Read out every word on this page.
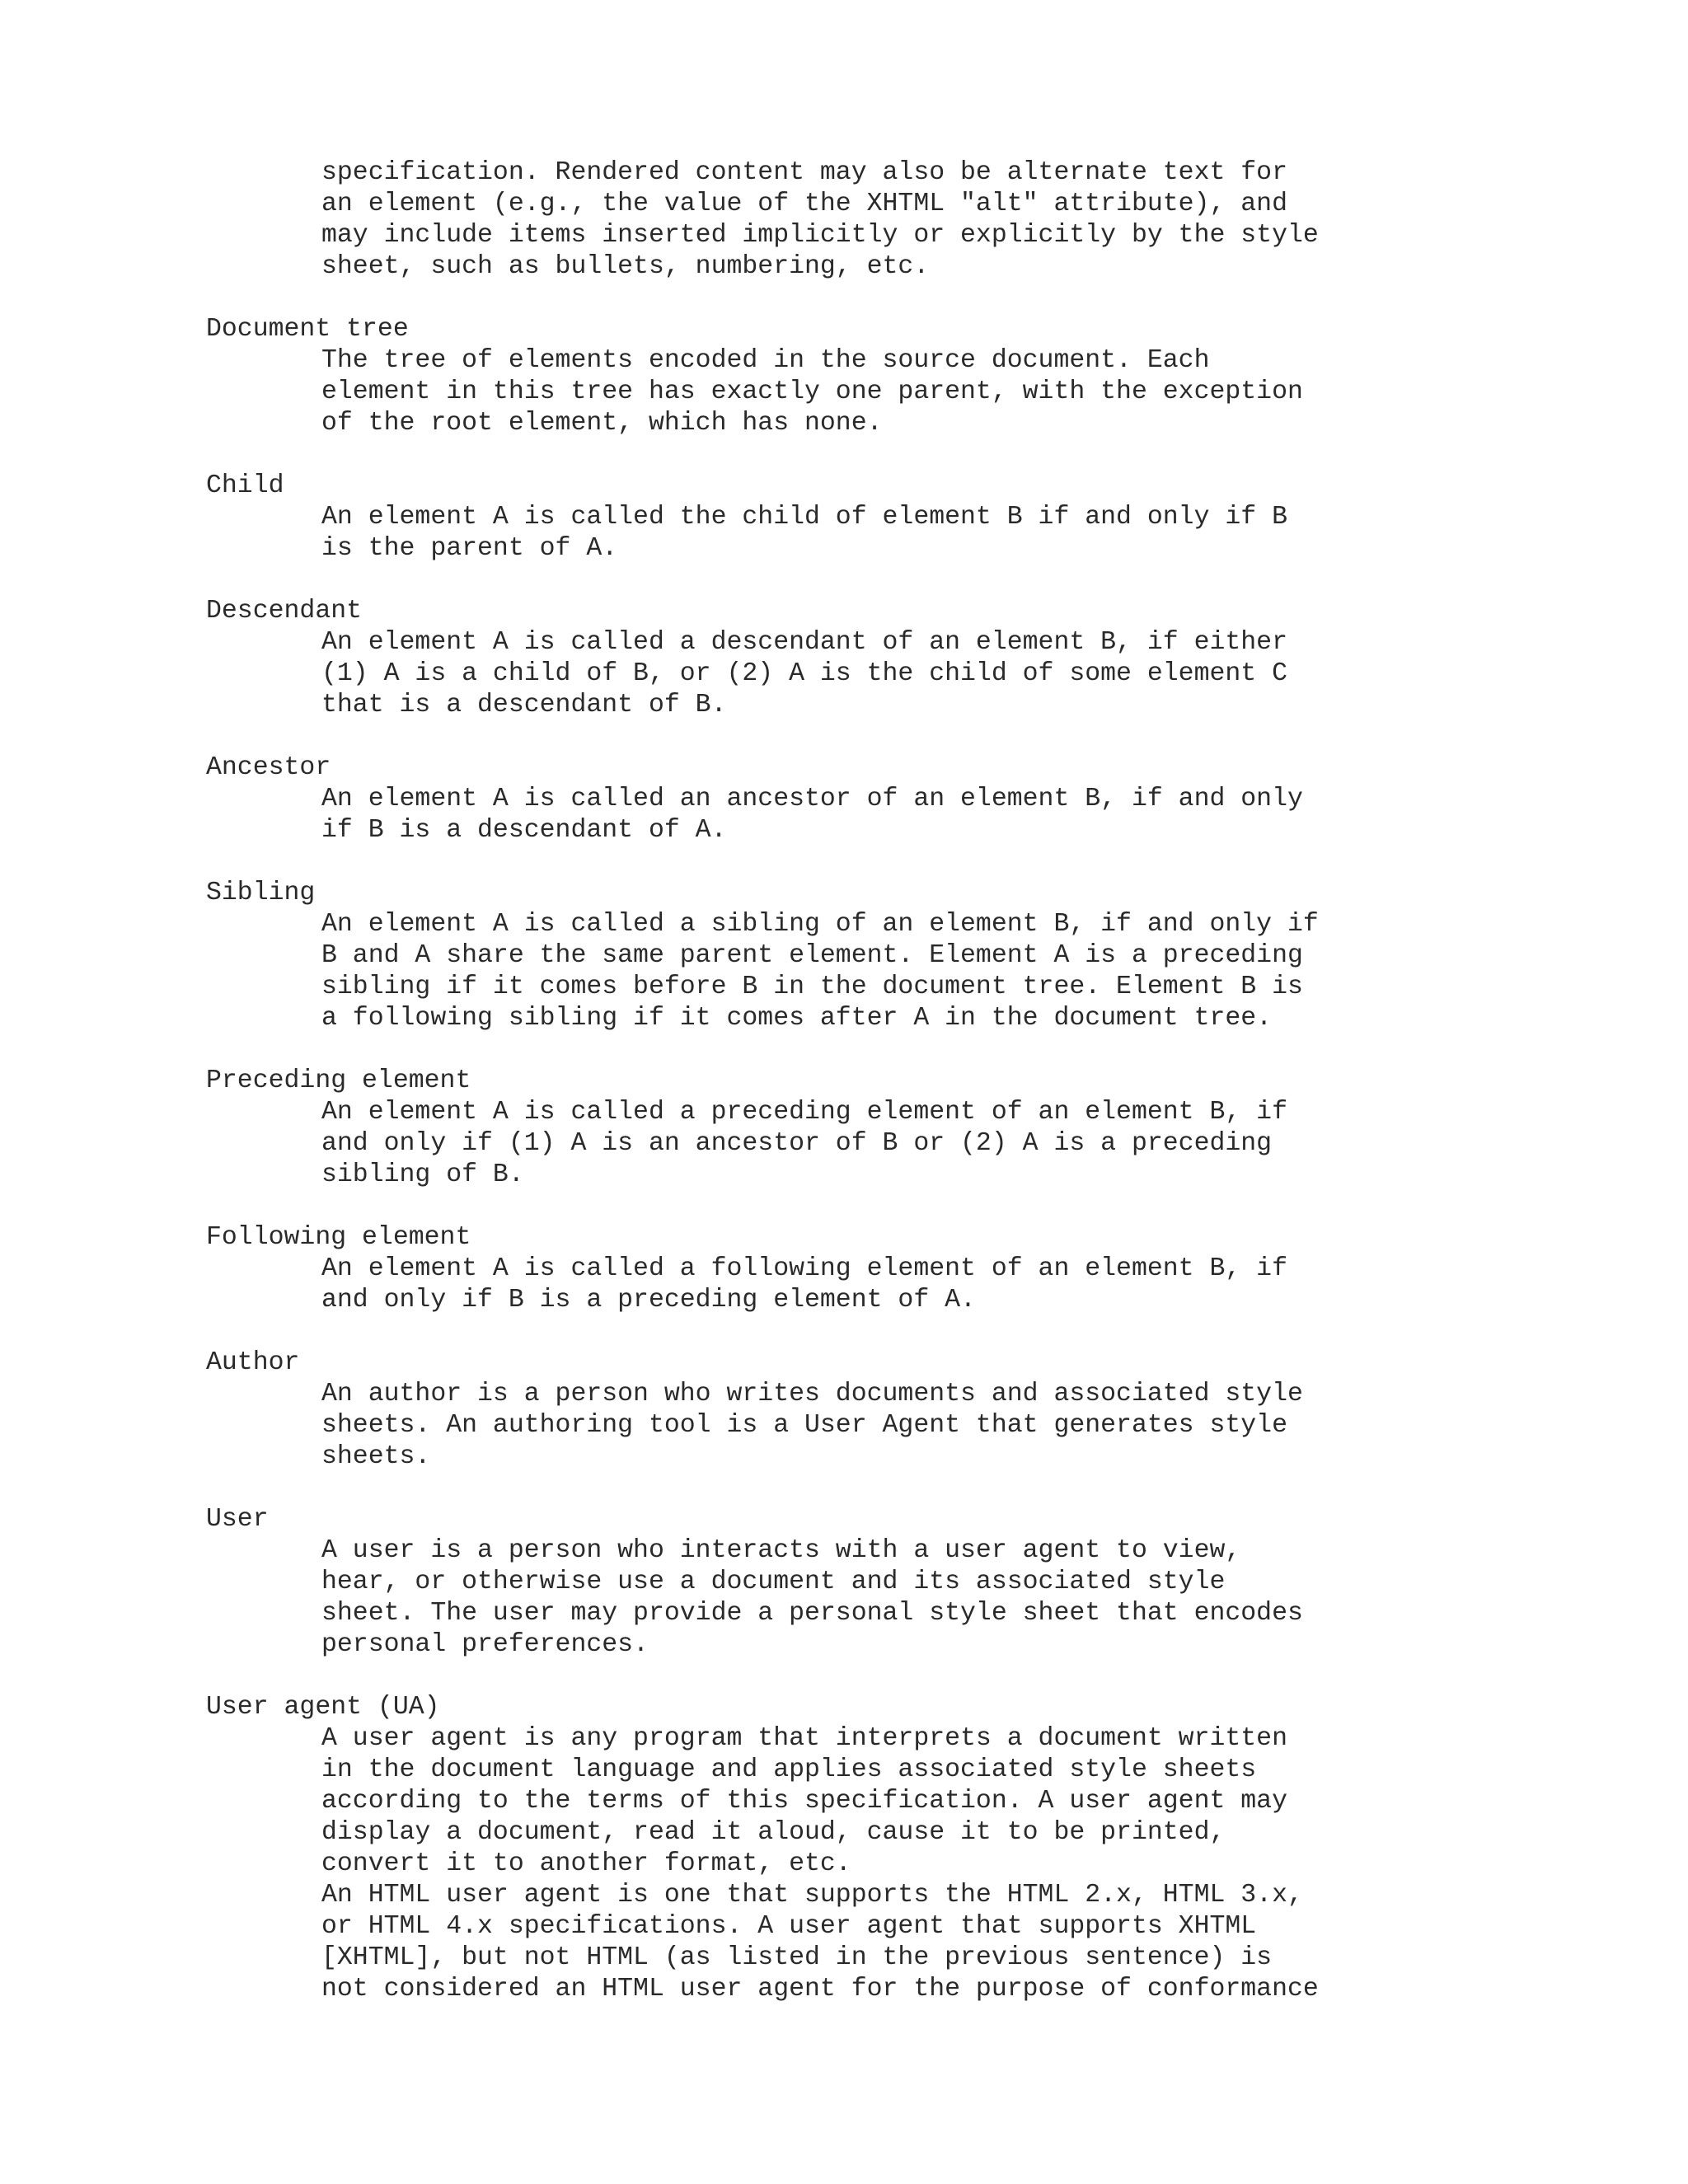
specification. Rendered content may also be alternate text for
an element (e.g., the value of the XHTML "alt" attribute), and
may include items inserted implicitly or explicitly by the style
sheet, such as bullets, numbering, etc.
Document tree
The tree of elements encoded in the source document. Each
element in this tree has exactly one parent, with the exception
of the root element, which has none.
Child
An element A is called the child of element B if and only if B
is the parent of A.
Descendant
An element A is called a descendant of an element B, if either
(1) A is a child of B, or (2) A is the child of some element C
that is a descendant of B.
Ancestor
An element A is called an ancestor of an element B, if and only
if B is a descendant of A.
Sibling
An element A is called a sibling of an element B, if and only if
B and A share the same parent element. Element A is a preceding
sibling if it comes before B in the document tree. Element B is
a following sibling if it comes after A in the document tree.
Preceding element
An element A is called a preceding element of an element B, if
and only if (1) A is an ancestor of B or (2) A is a preceding
sibling of B.
Following element
An element A is called a following element of an element B, if
and only if B is a preceding element of A.
Author
An author is a person who writes documents and associated style
sheets. An authoring tool is a User Agent that generates style
sheets.
User
A user is a person who interacts with a user agent to view,
hear, or otherwise use a document and its associated style
sheet. The user may provide a personal style sheet that encodes
personal preferences.
User agent (UA)
A user agent is any program that interprets a document written
in the document language and applies associated style sheets
according to the terms of this specification. A user agent may
display a document, read it aloud, cause it to be printed,
convert it to another format, etc.
An HTML user agent is one that supports the HTML 2.x, HTML 3.x,
or HTML 4.x specifications. A user agent that supports XHTML
[XHTML], but not HTML (as listed in the previous sentence) is
not considered an HTML user agent for the purpose of conformance
